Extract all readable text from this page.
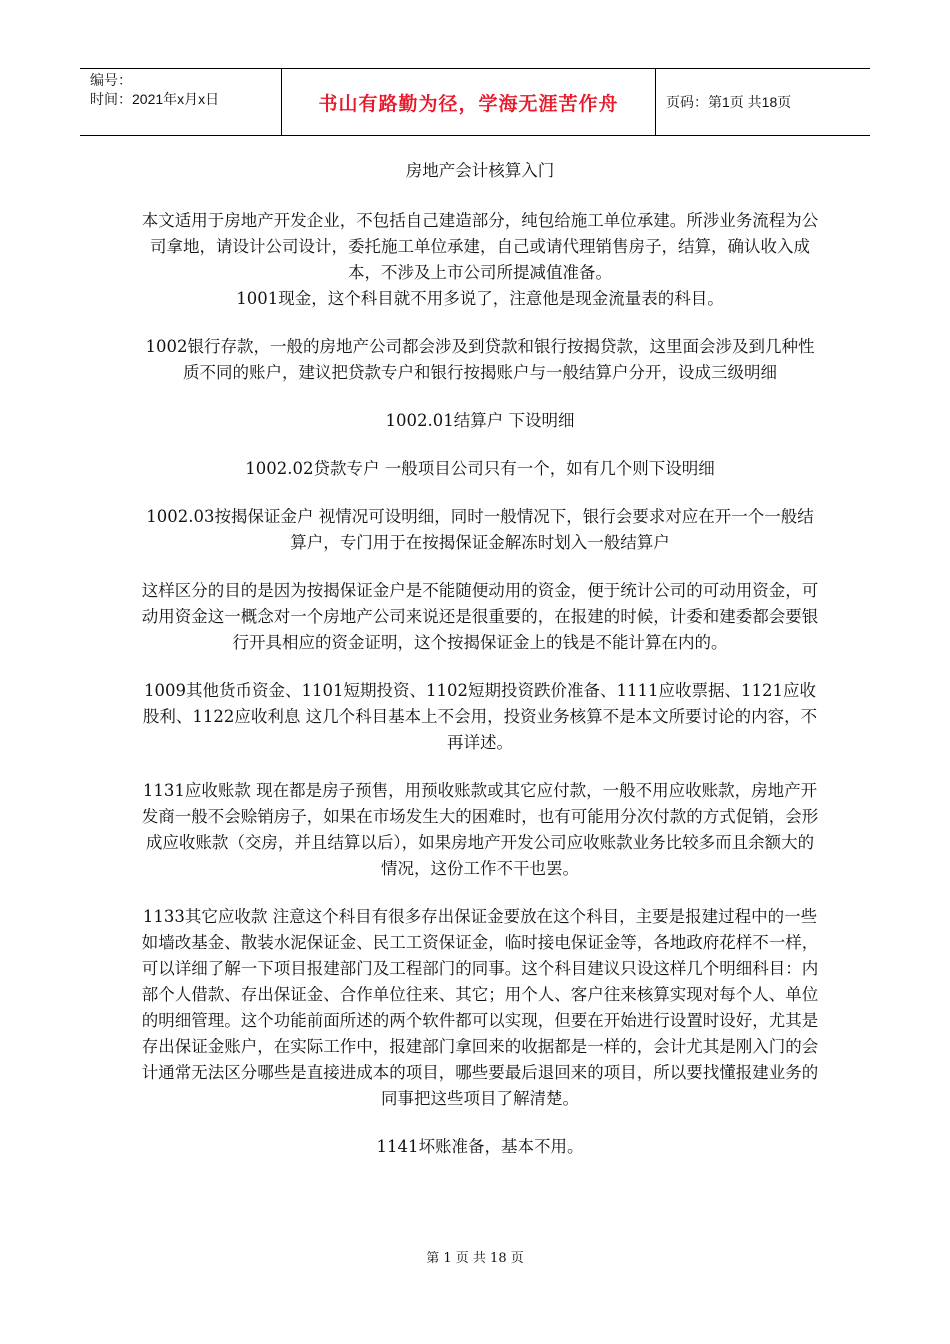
编号：
时间：2021年x月x日	书山有路勤为径，学海无涯苦作舟	页码：第1页 共18页
房地产会计核算入门

本文适用于房地产开发企业，不包括自己建造部分，纯包给施工单位承建。所涉业务流程为公司拿地，请设计公司设计，委托施工单位承建，自己或请代理销售房子，结算，确认收入成本，不涉及上市公司所提减值准备。

1001现金，这个科目就不用多说了，注意他是现金流量表的科目。

1002银行存款，一般的房地产公司都会涉及到贷款和银行按揭贷款，这里面会涉及到几种性质不同的账户，建议把贷款专户和银行按揭账户与一般结算户分开，设成三级明细

1002.01结算户 下设明细

1002.02贷款专户 一般项目公司只有一个，如有几个则下设明细

1002.03按揭保证金户 视情况可设明细，同时一般情况下，银行会要求对应在开一个一般结算户，专门用于在按揭保证金解冻时划入一般结算户

这样区分的目的是因为按揭保证金户是不能随便动用的资金，便于统计公司的可动用资金，可动用资金这一概念对一个房地产公司来说还是很重要的，在报建的时候，计委和建委都会要银行开具相应的资金证明，这个按揭保证金上的钱是不能计算在内的。

1009其他货币资金、1101短期投资、1102短期投资跌价准备、1111应收票据、1121应收股利、1122应收利息 这几个科目基本上不会用，投资业务核算不是本文所要讨论的内容，不再详述。

1131应收账款 现在都是房子预售，用预收账款或其它应付款，一般不用应收账款，房地产开发商一般不会赊销房子，如果在市场发生大的困难时，也有可能用分次付款的方式促销，会形成应收账款（交房，并且结算以后），如果房地产开发公司应收账款业务比较多而且余额大的情况，这份工作不干也罢。

1133其它应收款 注意这个科目有很多存出保证金要放在这个科目，主要是报建过程中的一些如墙改基金、散装水泥保证金、民工工资保证金，临时接电保证金等，各地政府花样不一样，可以详细了解一下项目报建部门及工程部门的同事。这个科目建议只设这样几个明细科目：内部个人借款、存出保证金、合作单位往来、其它；用个人、客户往来核算实现对每个人、单位的明细管理。这个功能前面所述的两个软件都可以实现，但要在开始进行设置时设好，尤其是存出保证金账户，在实际工作中，报建部门拿回来的收据都是一样的，会计尤其是刚入门的会计通常无法区分哪些是直接进成本的项目，哪些要最后退回来的项目，所以要找懂报建业务的同事把这些项目了解清楚。

1141坏账准备，基本不用。

第 1 页 共 18 页
